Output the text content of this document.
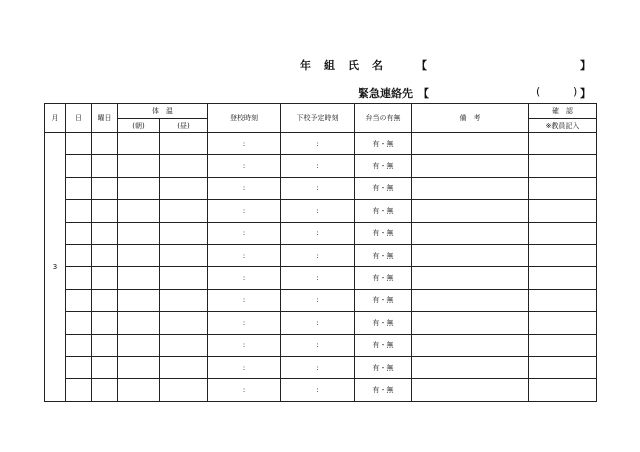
年組氏名 【	】
緊急連絡先 【	(	) 】
月	日	曜日	体　温		登校時刻	下校予定時刻	弁当の有無	備　考	確　認
			(朝)	(昼)					※教員記入
3					:	:	有・無		
					:	:	有・無		
					:	:	有・無		
					:	:	有・無		
					:	:	有・無		
					:	:	有・無		
					:	:	有・無		
					:	:	有・無		
					:	:	有・無		
					:	:	有・無		
					:	:	有・無		
					:	:	有・無		
